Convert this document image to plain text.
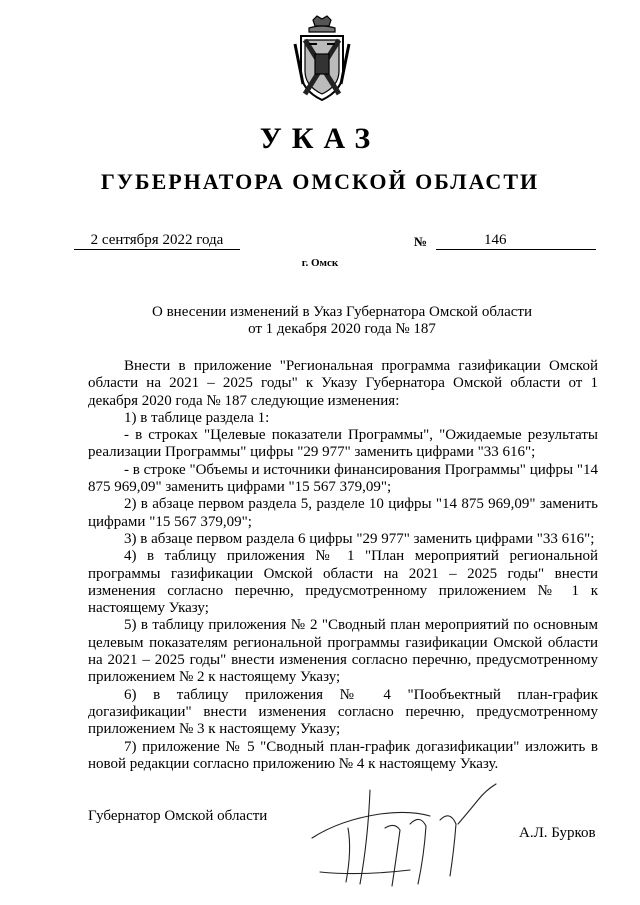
УКАЗ
ГУБЕРНАТОРА ОМСКОЙ ОБЛАСТИ
2 сентября 2022 года	№	146
г. Омск
О внесении изменений в Указ Губернатора Омской области
от 1 декабря 2020 года № 187

Внести в приложение "Региональная программа газификации Омской области на 2021 – 2025 годы" к Указу Губернатора Омской области от 1 декабря 2020 года № 187 следующие изменения:

1) в таблице раздела 1:

- в строках "Целевые показатели Программы", "Ожидаемые результаты реализации Программы" цифры "29 977" заменить цифрами "33 616";

- в строке "Объемы и источники финансирования Программы" цифры "14 875 969,09" заменить цифрами "15 567 379,09";

2) в абзаце первом раздела 5, разделе 10 цифры "14 875 969,09" заменить цифрами "15 567 379,09";

3) в абзаце первом раздела 6 цифры "29 977" заменить цифрами "33 616";

4) в таблицу приложения № 1 "План мероприятий региональной программы газификации Омской области на 2021 – 2025 годы" внести изменения согласно перечню, предусмотренному приложением № 1 к настоящему Указу;

5) в таблицу приложения № 2 "Сводный план мероприятий по основным целевым показателям региональной программы газификации Омской области на 2021 – 2025 годы" внести изменения согласно перечню, предусмотренному приложением № 2 к настоящему Указу;

6) в таблицу приложения № 4 "Пообъектный план-график догазификации" внести изменения согласно перечню, предусмотренному приложением № 3 к настоящему Указу;

7) приложение № 5 "Сводный план-график догазификации" изложить в новой редакции согласно приложению № 4 к настоящему Указу.

Губернатор Омской области
А.Л. Бурков
